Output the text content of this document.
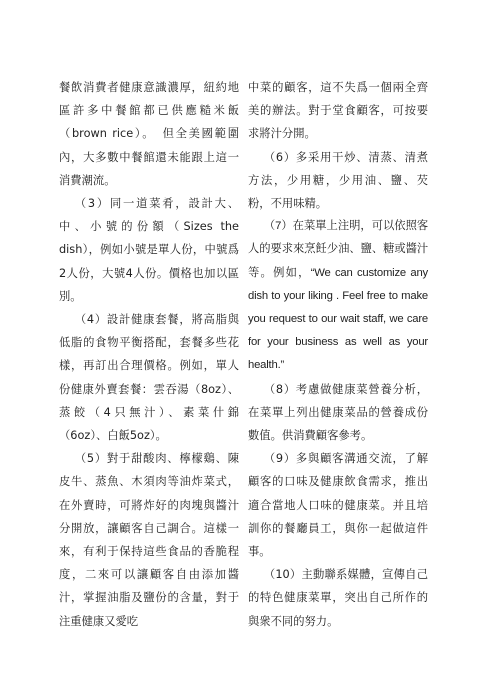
餐飲消費者健康意識濃厚，紐約地區許多中餐館都已供應糙米飯（brown rice）。　但全美國範圍內，大多數中餐館還未能跟上這一消費潮流。

（3）同一道菜肴，設計大、中、小號的份額（Sizes the dish），例如小號是單人份，中號爲2人份，大號4人份。價格也加以區別。

（4）設計健康套餐，將高脂與低脂的食物平衡搭配，套餐多些花樣，再訂出合理價格。例如，單人份健康外賣套餐：雲吞湯（8oz）、蒸餃（4只無汁）、素菜什錦（6oz）、白飯5oz）。

（5）對于甜酸肉、檸檬鷄、陳皮牛、蒸魚、木須肉等油炸菜式，在外賣時，可將炸好的肉塊與醬汁分開放，讓顧客自己調合。這樣一來，有利于保持這些食品的香脆程度，二來可以讓顧客自由添加醬汁，掌握油脂及鹽份的含量，對于注重健康又愛吃

中菜的顧客，這不失爲一個兩全齊美的辦法。對于堂食顧客，可按要求將汁分開。

（6）多采用干炒、清蒸、清煮方法，少用糖，少用油、鹽、芡粉，不用味精。

（7）在菜單上注明，可以依照客人的要求來烹飪少油、鹽、糖或醬汁等。例如，“We can customize any dish to your liking . Feel free to make you request to our wait staff, we care for your business as well as your health.”

（8）考慮做健康菜營養分析，在菜單上列出健康菜品的營養成份數值。供消費顧客參考。

（9）多與顧客溝通交流，了解顧客的口味及健康飲食需求，推出適合當地人口味的健康菜。并且培訓你的餐廳員工，與你一起做這件事。

（10）主動聯系媒體，宣傳自己的特色健康菜單，突出自己所作的與衆不同的努力。
